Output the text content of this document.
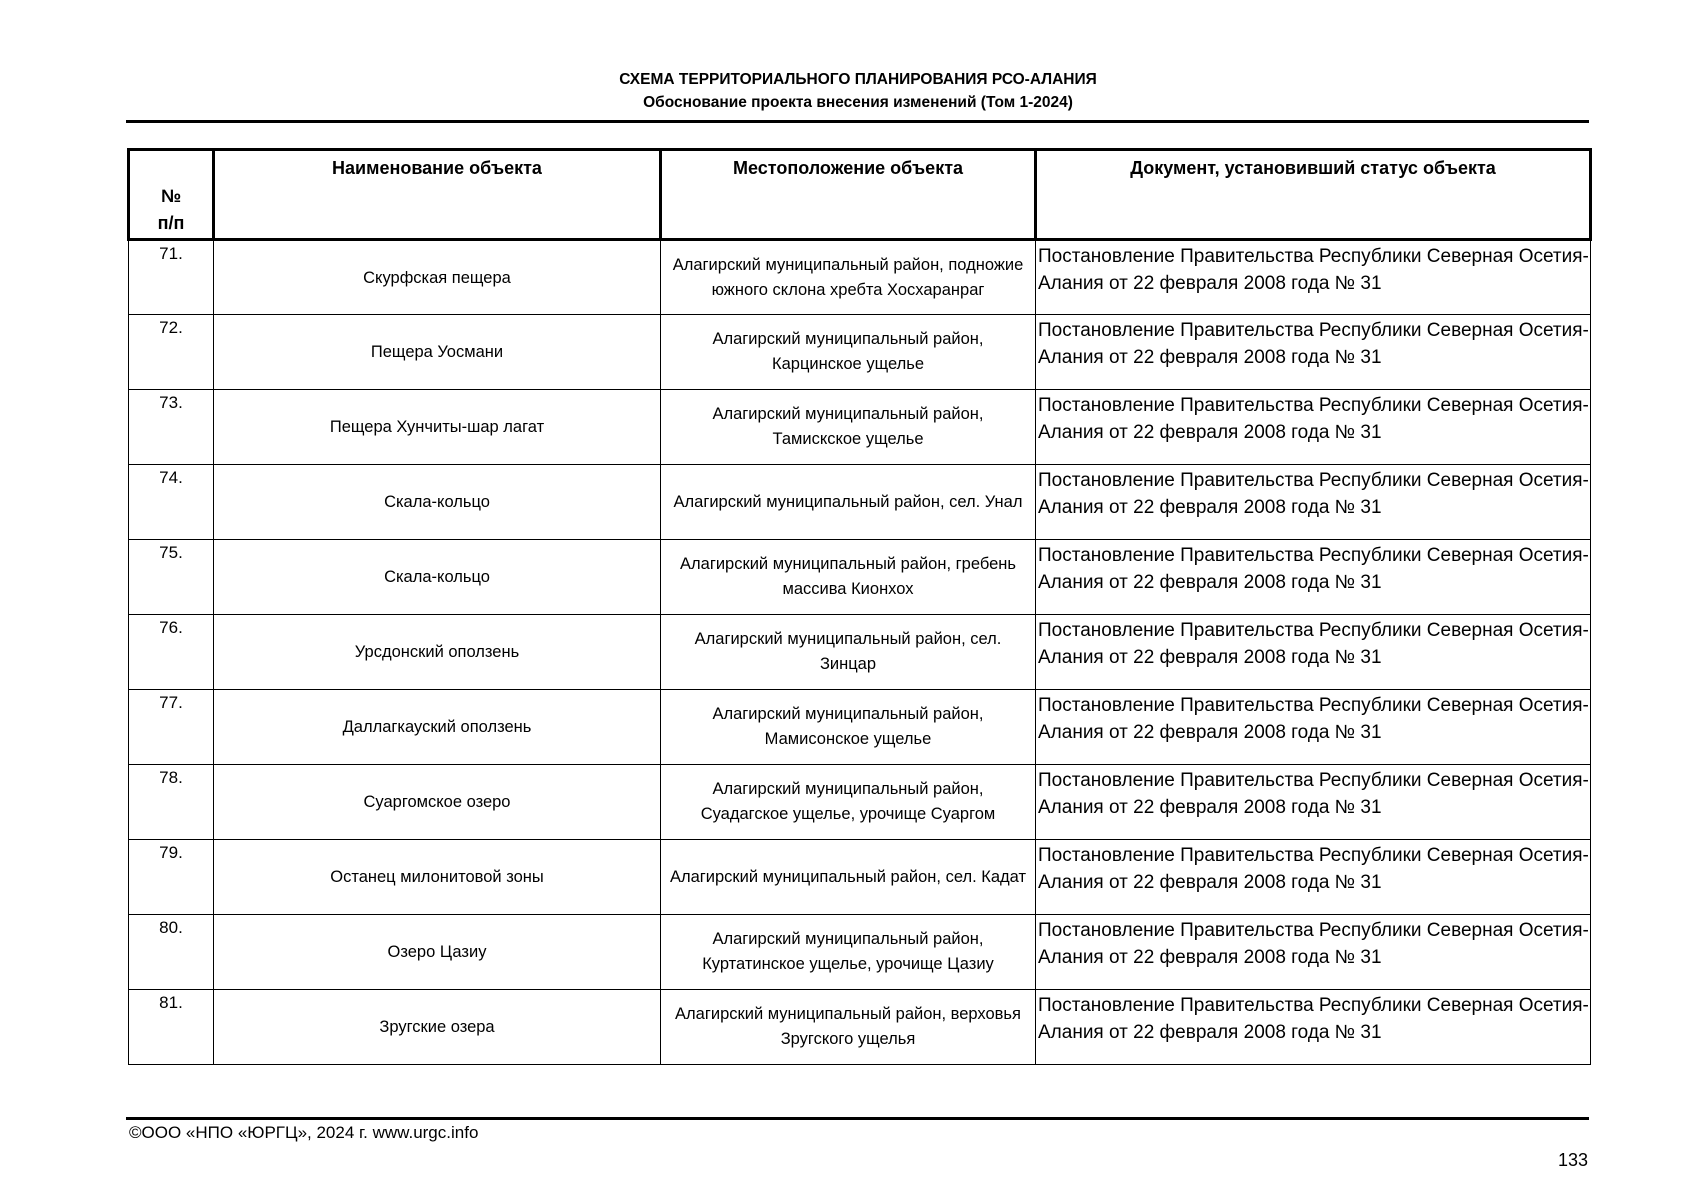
СХЕМА ТЕРРИТОРИАЛЬНОГО ПЛАНИРОВАНИЯ РСО-АЛАНИЯ
Обоснование проекта внесения изменений (Том 1-2024)
№
п/п	Наименование объекта	Местоположение объекта	Документ, установивший статус объекта

71.	Скурфская пещера	Алагирский муниципальный район, подножие южного склона хребта Хосхаранраг	Постановление Правительства Республики Северная Осетия-Алания от 22 февраля 2008 года № 31
72.	Пещера Уосмани	Алагирский муниципальный район, Карцинское ущелье	Постановление Правительства Республики Северная Осетия-Алания от 22 февраля 2008 года № 31
73.	Пещера Хунчиты-шар лагат	Алагирский муниципальный район, Тамискское ущелье	Постановление Правительства Республики Северная Осетия-Алания от 22 февраля 2008 года № 31
74.	Скала-кольцо	Алагирский муниципальный район, сел. Унал	Постановление Правительства Республики Северная Осетия-Алания от 22 февраля 2008 года № 31
75.	Скала-кольцо	Алагирский муниципальный район, гребень массива Кионхох	Постановление Правительства Республики Северная Осетия-Алания от 22 февраля 2008 года № 31
76.	Урсдонский оползень	Алагирский муниципальный район, сел. Зинцар	Постановление Правительства Республики Северная Осетия-Алания от 22 февраля 2008 года № 31
77.	Даллагкауский оползень	Алагирский муниципальный район, Мамисонское ущелье	Постановление Правительства Республики Северная Осетия-Алания от 22 февраля 2008 года № 31
78.	Суаргомское озеро	Алагирский муниципальный район, Суадагское ущелье, урочище Суаргом	Постановление Правительства Республики Северная Осетия-Алания от 22 февраля 2008 года № 31
79.	Останец милонитовой зоны	Алагирский муниципальный район, сел. Кадат	Постановление Правительства Республики Северная Осетия-Алания от 22 февраля 2008 года № 31
80.	Озеро Цазиу	Алагирский муниципальный район, Куртатинское ущелье, урочище Цазиу	Постановление Правительства Республики Северная Осетия-Алания от 22 февраля 2008 года № 31
81.	Зругские озера	Алагирский муниципальный район, верховья Зругского ущелья	Постановление Правительства Республики Северная Осетия-Алания от 22 февраля 2008 года № 31
©ООО «НПО «ЮРГЦ», 2024 г. www.urgc.info
133
